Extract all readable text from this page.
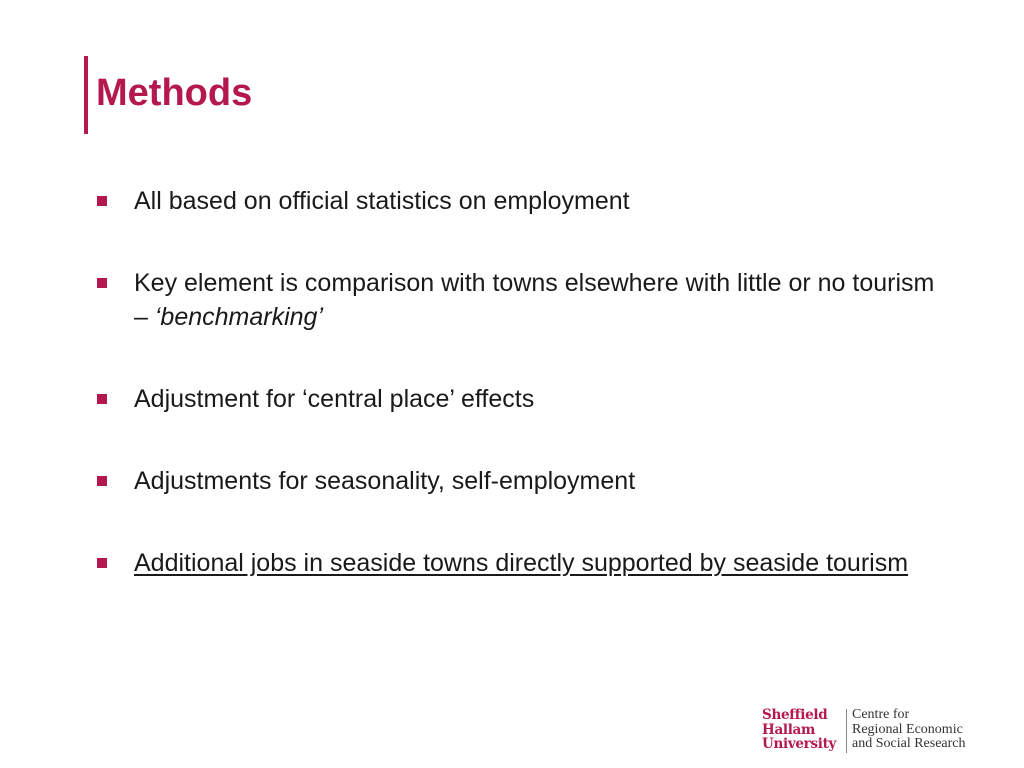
Methods
All based on official statistics on employment
Key element is comparison with towns elsewhere with little or no tourism – ‘benchmarking’
Adjustment for ‘central place’ effects
Adjustments for seasonality, self-employment
Additional jobs in seaside towns directly supported by seaside tourism
Sheffield
Hallam
University
Centre for
Regional Economic
and Social Research
